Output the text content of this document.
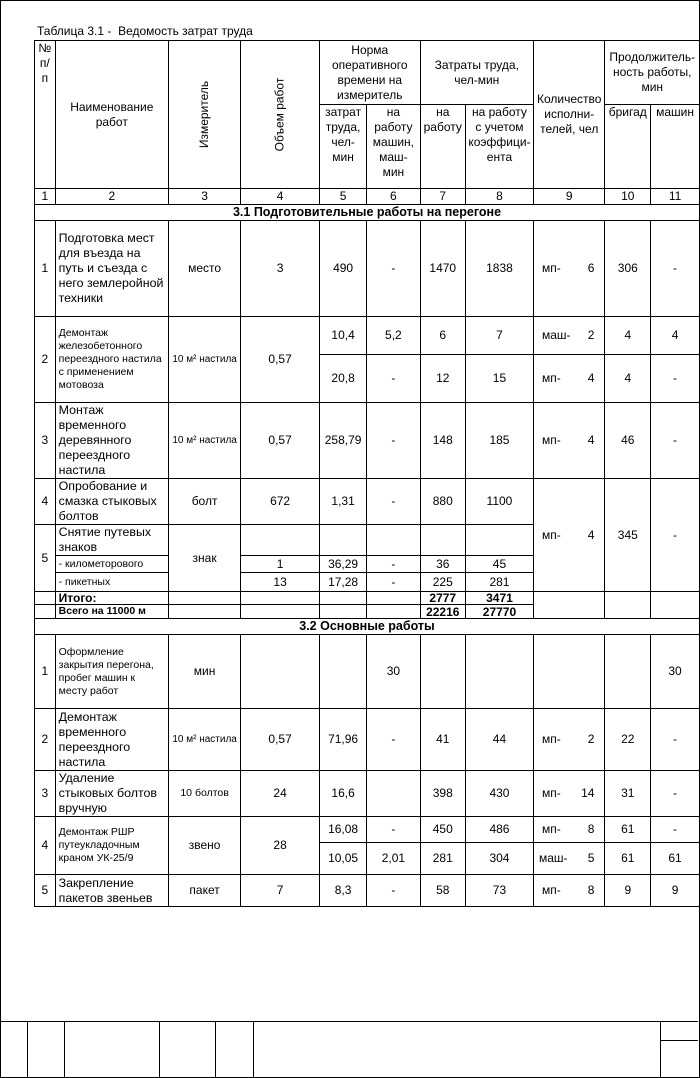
Таблица 3.1 -  Ведомость затрат труда
№ п/п	Наименование работ	Измеритель	Объем работ	Норма оперативного времени на измеритель		Затраты труда, чел-мин		Количество исполни-телей, чел	Продолжитель-ность работы, мин	
				затрат труда, чел-мин	на работу машин, маш-мин	на работу	на работу с учетом коэффици-ента		бригад	машин
1	2	3	4	5	6	7	8	9	10	11
3.1 Подготовительные работы на перегоне										
1	Подготовка мест для въезда на путь и съезда с него землеройной техники	место	3	490	-	1470	1838	мп- 6	306	-
2	Демонтаж железобетонного переездного настила с применением мотовоза	10 м² настила	0,57	10,4	5,2	6	7	маш- 2	4	4
				20,8	-	12	15	мп- 4	4	-
3	Монтаж временного деревянного переездного настила	10 м² настила	0,57	258,79	-	148	185	мп- 4	46	-
4	Опробование и смазка стыковых болтов	болт	672	1,31	-	880	1100	мп- 4	345	-
5	Снятие путевых знаков	знак								
	- километорового		1	36,29	-	36	45			
	- пикетных		13	17,28	-	225	281			
	Итого:					2777	3471			
	Всего на 11000 м					22216	27770			
3.2 Основные работы										
1	Оформление закрытия перегона, пробег машин к месту работ	мин			30					30
2	Демонтаж временного переездного настила	10 м² настила	0,57	71,96	-	41	44	мп- 2	22	-
3	Удаление стыковых болтов вручную	10 болтов	24	16,6		398	430	мп- 14	31	-
4	Демонтаж РШР путеукладочным краном УК-25/9	звено	28	16,08	-	450	486	мп- 8	61	-
				10,05	2,01	281	304	маш- 5	61	61
5	Закрепление пакетов звеньев	пакет	7	8,3	-	58	73	мп- 8	9	9
